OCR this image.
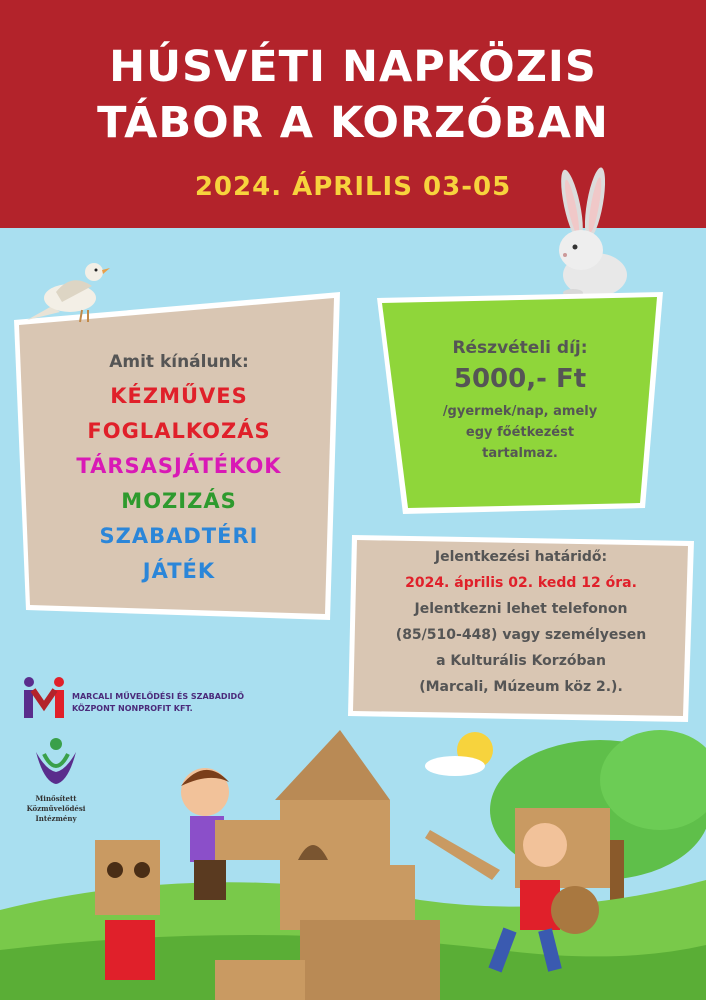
HÚSVÉTI NAPKÖZIS
TÁBOR A KORZÓBAN
2024. ÁPRILIS 03-05
Amit kínálunk:
KÉZMŰVES
FOGLALKOZÁS
TÁRSASJÁTÉKOK
MOZIZÁS
SZABADTÉRI
JÁTÉK
Részvételi díj:
5000,- Ft
/gyermek/nap, amely
egy főétkezést
tartalmaz.
Jelentkezési határidő:
2024. április 02. kedd 12 óra.
Jelentkezni lehet telefonon
(85/510-448) vagy személyesen
a Kulturális Korzóban
(Marcali, Múzeum köz 2.).
MARCALI MŰVELŐDÉSI ÉS SZABADIDŐ
KÖZPONT NONPROFIT KFT.
Minősített
Közművelődési
Intézmény
